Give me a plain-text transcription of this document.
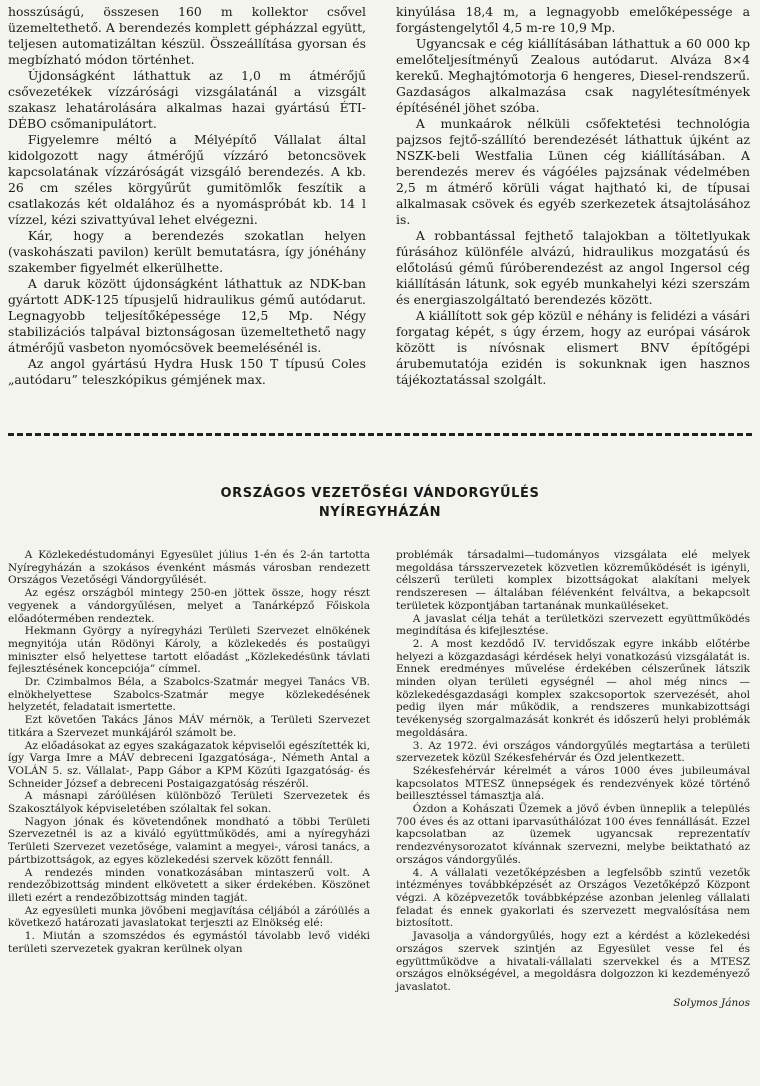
hosszúságú, összesen 160 m kollektor csővel üzemeltethető. A berendezés komplett gépházzal együtt, teljesen automatizáltan készül. Összeállítása gyorsan és megbízható módon történhet.

Újdonságként láthattuk az 1,0 m átmérőjű csővezetékek vízzárósági vizsgálatánál a vizsgált szakasz lehatárolására alkalmas hazai gyártású ÉTI-DÉBO csőmanipulátort.

Figyelemre méltó a Mélyépítő Vállalat által kidolgozott nagy átmérőjű vízzáró betoncsövek kapcsolatának vízzáróságát vizsgáló berendezés. A kb. 26 cm széles körgyűrűt gumitömlők feszítik a csatlakozás két oldalához és a nyomáspróbát kb. 14 l vízzel, kézi szivattyúval lehet elvégezni.

Kár, hogy a berendezés szokatlan helyen (vaskohászati pavilon) került bemutatásra, így jónéhány szakember figyelmét elkerülhette.

A daruk között újdonságként láthattuk az NDK-ban gyártott ADK-125 típusjelű hidraulikus gémű autódarut. Legnagyobb teljesítőképessége 12,5 Mp. Négy stabilizációs talpával biztonságosan üzemeltethető nagy átmérőjű vasbeton nyomócsövek beemelésénél is.

Az angol gyártású Hydra Husk 150 T típusú Coles „autódaru” teleszkópikus gémjének max.

kinyúlása 18,4 m, a legnagyobb emelőképessége a forgástengelytől 4,5 m-re 10,9 Mp.

Ugyancsak e cég kiállításában láthattuk a 60 000 kp emelőteljesítményű Zealous autódarut. Alváza 8×4 kerekű. Meghajtómotorja 6 hengeres, Diesel-rendszerű. Gazdaságos alkalmazása csak nagylétesítmények építésénél jöhet szóba.

A munkaárok nélküli csőfektetési technológia pajzsos fejtő-szállító berendezését láthattuk újként az NSZK-beli Westfalia Lünen cég kiállításában. A berendezés merev és vágóéles pajzsának védelmében 2,5 m átmérő körüli vágat hajtható ki, de típusai alkalmasak csövek és egyéb szerkezetek átsajtolásához is.

A robbantással fejthető talajokban a töltetlyukak fúrásához különféle alvázú, hidraulikus mozgatású és előtolású gémű fúróberendezést az angol Ingersol cég kiállításán látunk, sok egyéb munkahelyi kézi szerszám és energiaszolgáltató berendezés között.

A kiállított sok gép közül e néhány is felidézi a vásári forgatag képét, s úgy érzem, hogy az európai vásárok között is nívósnak elismert BNV építőgépi árubemutatója ezidén is sokunknak igen hasznos tájékoztatással szolgált.

ORSZÁGOS VEZETŐSÉGI VÁNDORGYŰLÉS
NYÍREGYHÁZÁN

A Közlekedéstudományi Egyesület július 1-én és 2-án tartotta Nyíregyházán a szokásos évenként másmás városban rendezett Országos Vezetőségi Vándorgyűlését.

Az egész országból mintegy 250-en jöttek össze, hogy részt vegyenek a vándorgyűlésen, melyet a Tanárképző Főiskola előadótermében rendeztek.

Hekmann György a nyíregyházi Területi Szervezet elnökének megnyitója után Rödönyi Károly, a közlekedés és postaügyi miniszter első helyettese tartott előadást „Közlekedésünk távlati fejlesztésének koncepciója” címmel.

Dr. Czimbalmos Béla, a Szabolcs-Szatmár megyei Tanács VB. elnökhelyettese Szabolcs-Szatmár megye közlekedésének helyzetét, feladatait ismertette.

Ezt követően Takács János MÁV mérnök, a Területi Szervezet titkára a Szervezet munkájáról számolt be.

Az előadásokat az egyes szakágazatok képviselői egészítették ki, így Varga Imre a MÁV debreceni Igazgatósága-, Németh Antal a VOLÁN 5. sz. Vállalat-, Papp Gábor a KPM Közúti Igazgatóság- és Schneider József a debreceni Postaigazgatóság részéről.

A másnapi záróülésen különböző Területi Szervezetek és Szakosztályok képviseletében szólaltak fel sokan.

Nagyon jónak és követendőnek mondható a többi Területi Szervezetnél is az a kiváló együttműködés, ami a nyíregyházi Területi Szervezet vezetősége, valamint a megyei-, városi tanács, a pártbizottságok, az egyes közlekedési szervek között fennáll.

A rendezés minden vonatkozásában mintaszerű volt. A rendezőbizottság mindent elkövetett a siker érdekében. Köszönet illeti ezért a rendezőbizottság minden tagját.

Az egyesületi munka jövőbeni megjavítása céljából a záróülés a következő határozati javaslatokat terjeszti az Elnökség elé:

1. Miután a szomszédos és egymástól távolabb levő vidéki területi szervezetek gyakran kerülnek olyan

problémák társadalmi—tudományos vizsgálata elé melyek megoldása társszervezetek közvetlen közreműködését is igényli, célszerű területi komplex bizottságokat alakítani melyek rendszeresen — általában félévenként felváltva, a bekapcsolt területek központjában tartanának munkaüléseket.

A javaslat célja tehát a területközi szervezett együttműködés megindítása és kifejlesztése.

2. A most kezdődő IV. tervidőszak egyre inkább előtérbe helyezi a közgazdasági kérdések helyi vonatkozású vizsgálatát is. Ennek eredményes művelése érdekében célszerűnek látszik minden olyan területi egységnél — ahol még nincs — közlekedésgazdasági komplex szakcsoportok szervezését, ahol pedig ilyen már működik, a rendszeres munkabizottsági tevékenység szorgalmazását konkrét és időszerű helyi problémák megoldására.

3. Az 1972. évi országos vándorgyűlés megtartása a területi szervezetek közül Székesfehérvár és Ózd jelentkezett.

Székesfehérvár kérelmét a város 1000 éves jubileumával kapcsolatos MTESZ ünnepségek és rendezvények közé történő beillesztéssel támasztja alá.

Ózdon a Kohászati Üzemek a jövő évben ünneplik a település 700 éves és az ottani iparvasúthálózat 100 éves fennállását. Ezzel kapcsolatban az üzemek ugyancsak reprezentatív rendezvénysorozatot kívánnak szervezni, melybe beiktatható az országos vándorgyűlés.

4. A vállalati vezetőképzésben a legfelsőbb szintű vezetők intézményes továbbképzését az Országos Vezetőképző Központ végzi. A középvezetők továbbképzése azonban jelenleg vállalati feladat és ennek gyakorlati és szervezett megvalósítása nem biztosított.

Javasolja a vándorgyűlés, hogy ezt a kérdést a közlekedési országos szervek szintjén az Egyesület vesse fel és együttműködve a hivatali-vállalati szervekkel és a MTESZ országos elnökségével, a megoldásra dolgozzon ki kezdeményező javaslatot.

Solymos János
